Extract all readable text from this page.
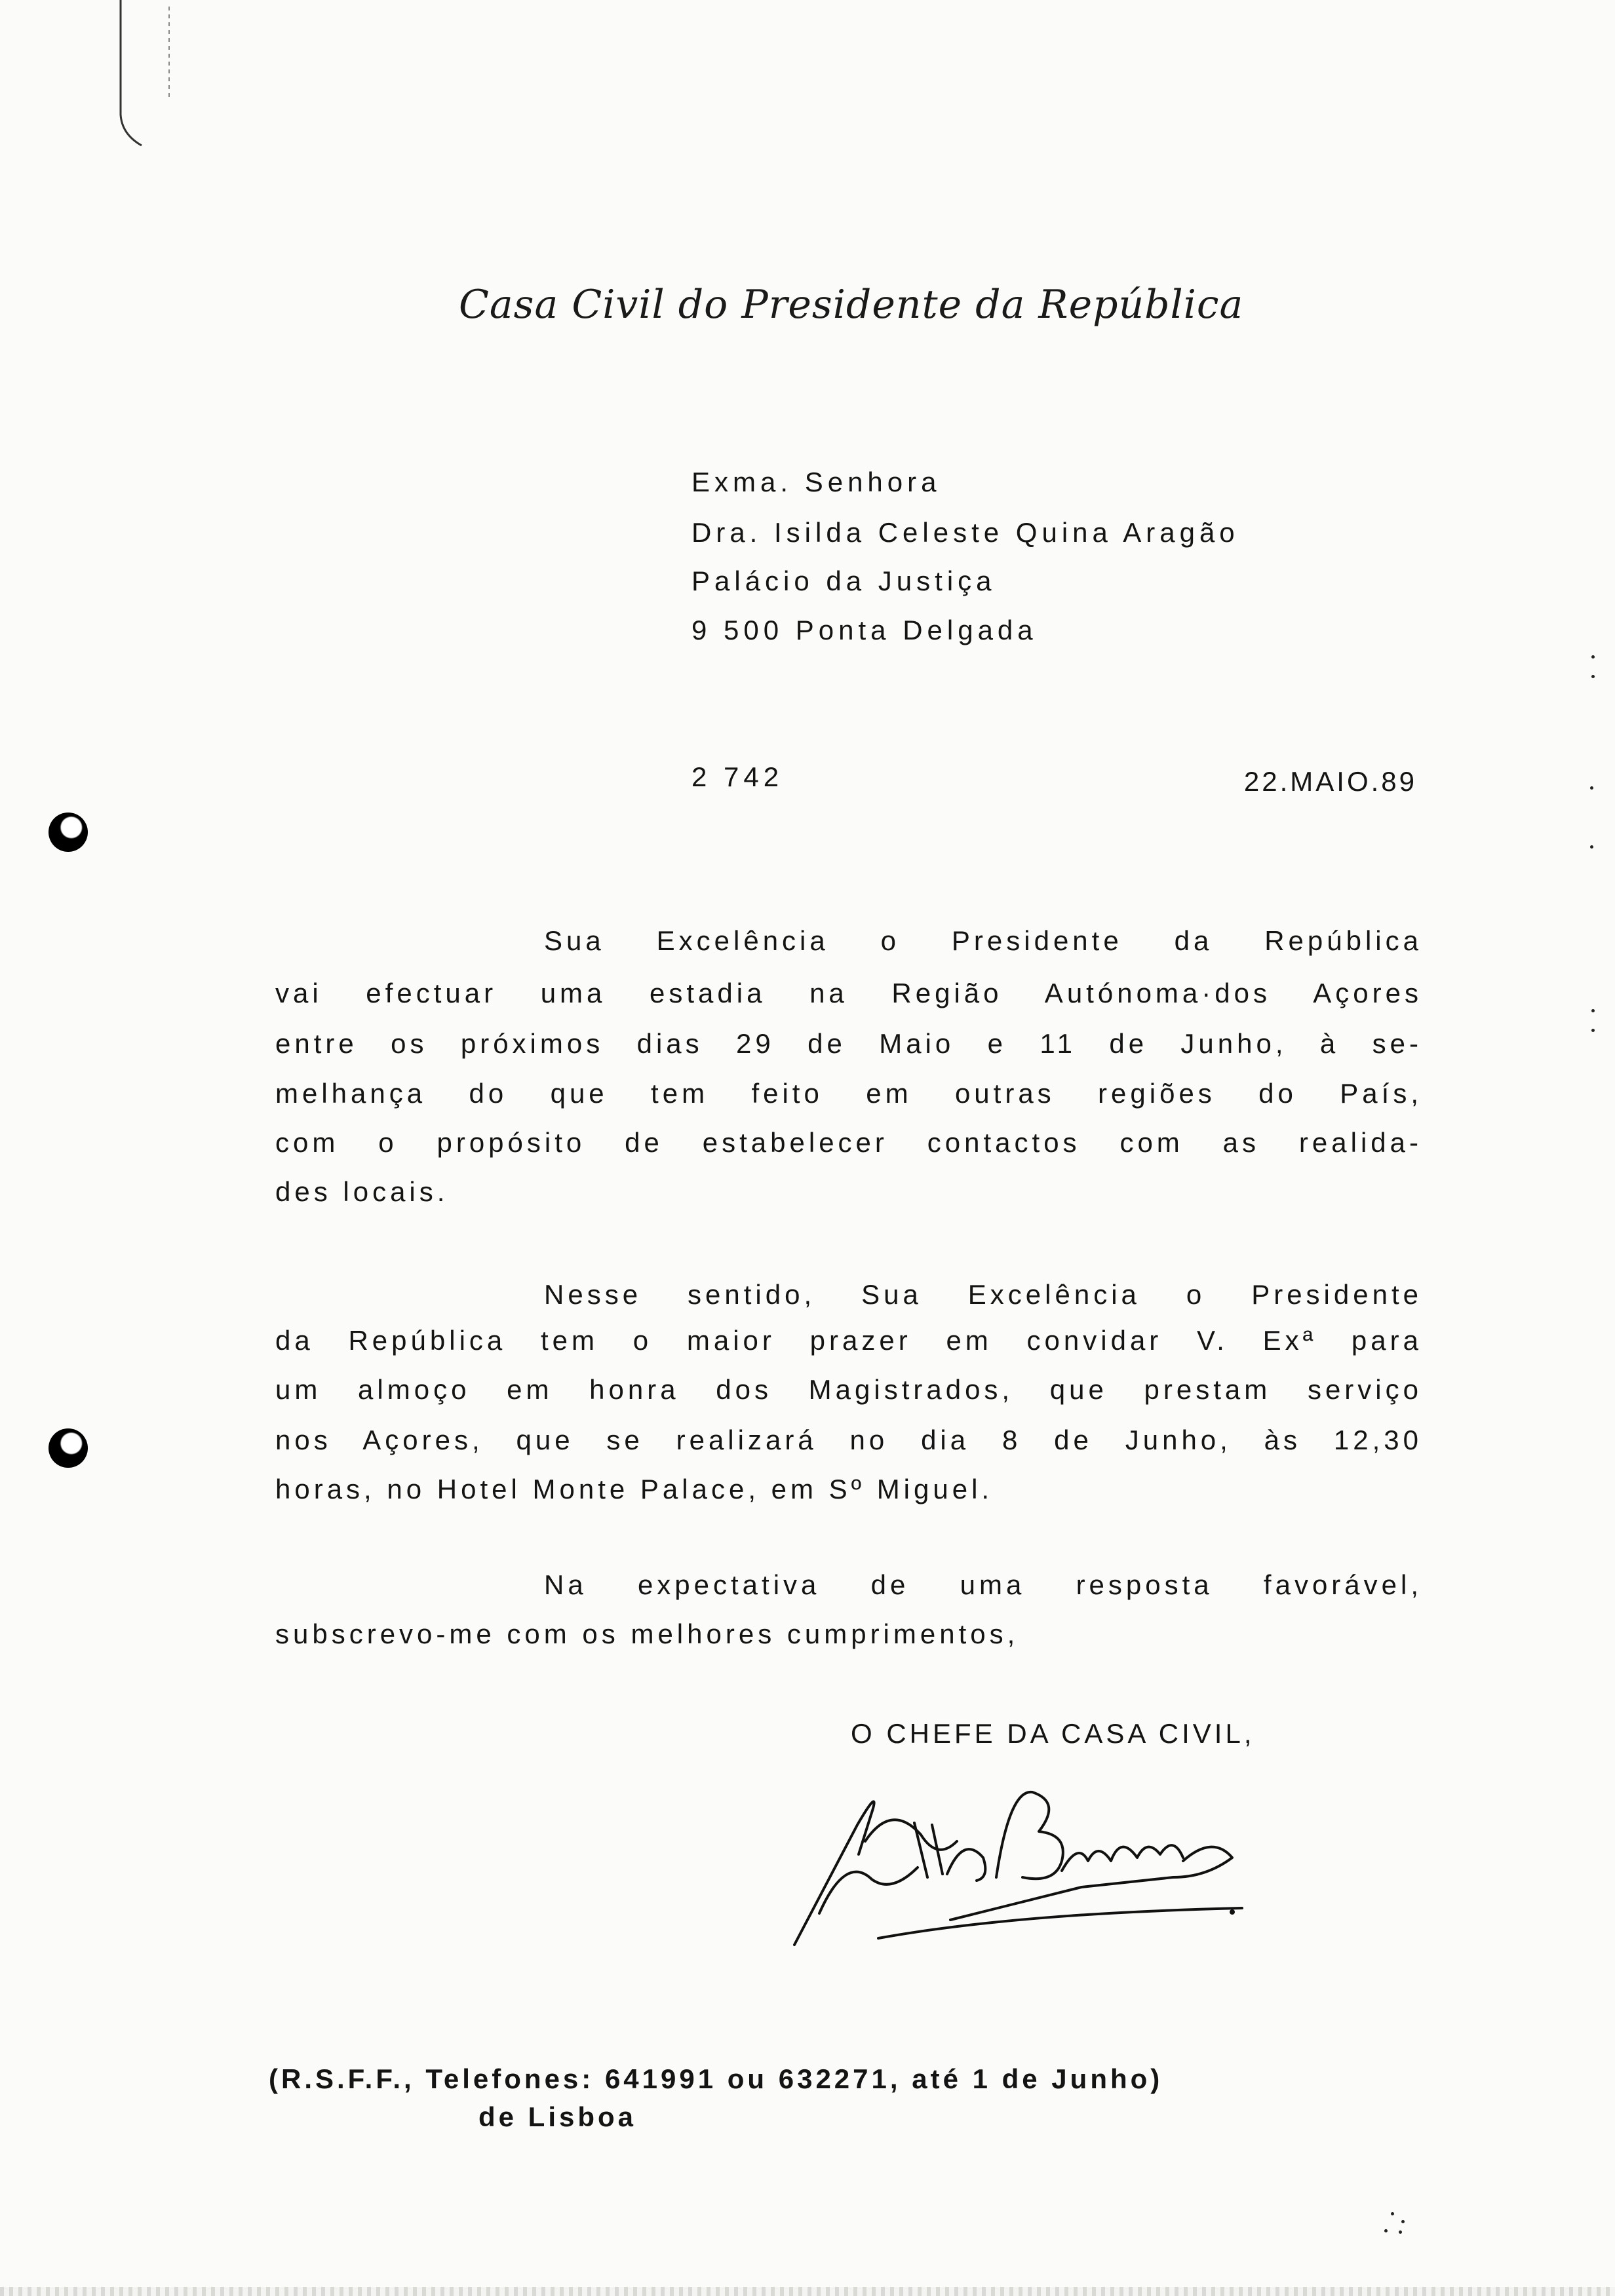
Casa Civil do Presidente da República
Exma. Senhora
Dra. Isilda Celeste Quina Aragão
Palácio da Justiça
9 500 Ponta Delgada
2 742	22.MAIO.89
Sua Excelência o Presidente da República
vai efectuar uma estadia na Região Autónoma·dos Açores
entre os próximos dias 29 de Maio e 11 de Junho, à se-
melhança do que tem feito em outras regiões do País,
com o propósito de estabelecer contactos com as realida-
des locais.
Nesse sentido, Sua Excelência o Presidente
da República tem o maior prazer em convidar V. Exª para
um almoço em honra dos Magistrados, que prestam serviço
nos Açores, que se realizará no dia 8 de Junho, às 12,30
horas, no Hotel Monte Palace, em Sº Miguel.
Na expectativa de uma resposta favorável,
subscrevo-me com os melhores cumprimentos,
O CHEFE DA CASA CIVIL,
(R.S.F.F., Telefones: 641991 ou 632271, até 1 de Junho)
de Lisboa
